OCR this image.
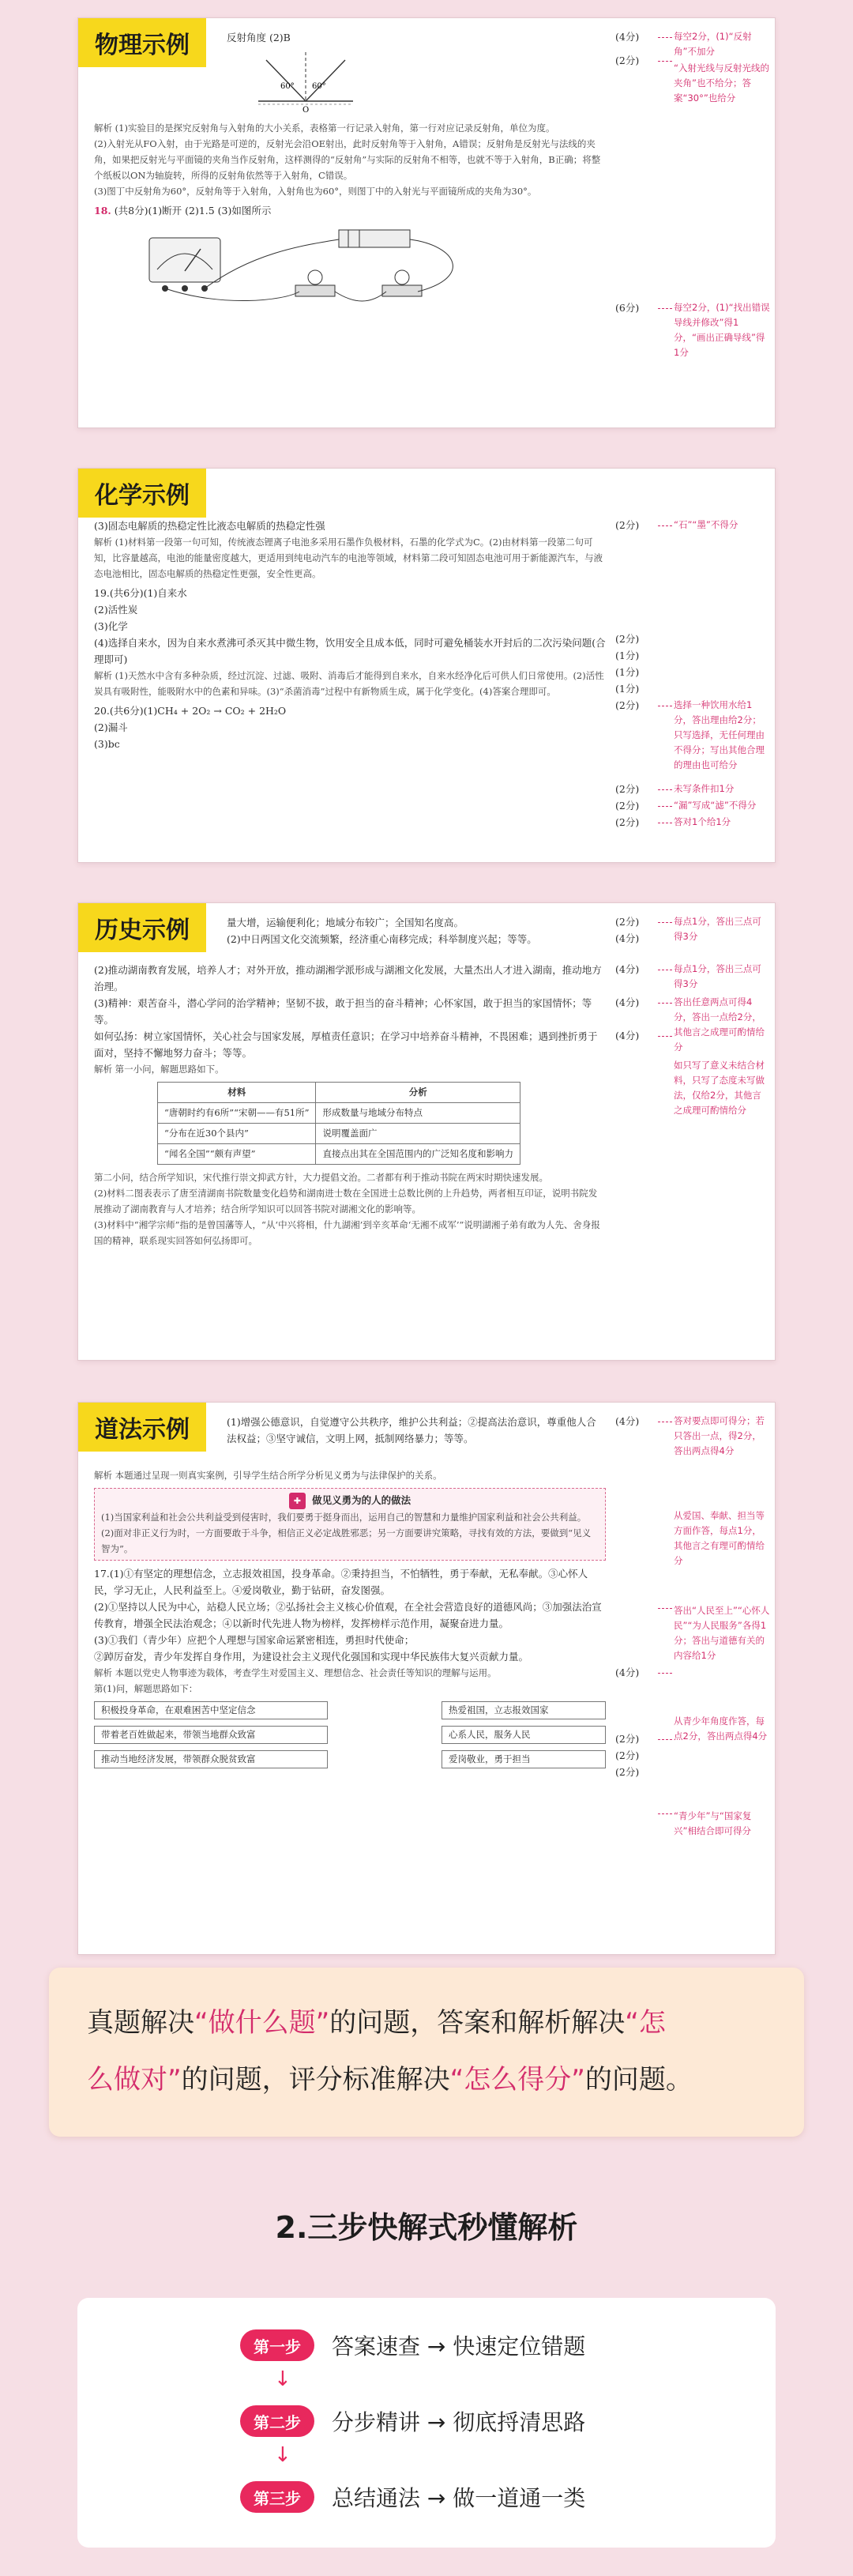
物理示例	反射角度 (2)B

60° 60°
O

解析 (1)实验目的是探究反射角与入射角的大小关系，表格第一行记录入射角，第一行对应记录反射角，单位为度。

(2)入射光从FO入射，由于光路是可逆的，反射光会沿OE射出，此时反射角等于入射角，A错误；反射角是反射光与法线的夹角，如果把反射光与平面镜的夹角当作反射角，这样测得的“反射角”与实际的反射角不相等，也就不等于入射角，B正确；将整个纸板以ON为轴旋转，所得的反射角依然等于入射角，C错误。

(3)图丁中反射角为60°，反射角等于入射角，入射角也为60°，则图丁中的入射光与平面镜所成的夹角为30°。

18. (共8分)(1)断开 (2)1.5 (3)如图所示

(4分)
(2分)
(6分)
每空2分，(1)“反射角”不加分
“入射光线与反射光线的夹角”也不给分；答案“30°”也给分
每空2分，(1)“找出错误导线并修改”得1分，“画出正确导线”得1分
化学示例

(3)固态电解质的热稳定性比液态电解质的热稳定性强

解析 (1)材料第一段第一句可知，传统液态锂离子电池多采用石墨作负极材料，石墨的化学式为C。(2)由材料第一段第二句可知，比容量越高，电池的能量密度越大，更适用到纯电动汽车的电池等领域，材料第二段可知固态电池可用于新能源汽车，与液态电池相比，固态电解质的热稳定性更强，安全性更高。

19.(共6分)(1)自来水

(2)活性炭

(3)化学

(4)选择自来水，因为自来水煮沸可杀灭其中微生物，饮用安全且成本低，同时可避免桶装水开封后的二次污染问题(合理即可)

解析 (1)天然水中含有多种杂质，经过沉淀、过滤、吸附、消毒后才能得到自来水，自来水经净化后可供人们日常使用。(2)活性炭具有吸附性，能吸附水中的色素和异味。(3)“杀菌消毒”过程中有新物质生成，属于化学变化。(4)答案合理即可。

20.(共6分)(1)CH₄ + 2O₂ → CO₂ + 2H₂O

(2)漏斗

(3)bc

(2分)
(2分)
(1分)
(1分)
(1分)
(2分)
(2分)
(2分)
(2分)
“石”“墨”不得分
选择一种饮用水给1分，答出理由给2分；只写选择，无任何理由不得分；写出其他合理的理由也可给分
未写条件扣1分
“漏”写成“滤”不得分
答对1个给1分
历史示例	量大增，运输便利化；地域分布较广；全国知名度高。

(2)中日两国文化交流频繁，经济重心南移完成；科举制度兴起；等等。

(2)推动湖南教育发展，培养人才；对外开放，推动湖湘学派形成与湖湘文化发展，大量杰出人才进入湖南，推动地方治理。

(3)精神：艰苦奋斗，潜心学问的治学精神；坚韧不拔，敢于担当的奋斗精神；心怀家国，敢于担当的家国情怀；等等。

如何弘扬：树立家国情怀，关心社会与国家发展，厚植责任意识；在学习中培养奋斗精神，不畏困难；遇到挫折勇于面对，坚持不懈地努力奋斗；等等。

解析 第一小问，解题思路如下。

材料	分析
“唐朝时约有6所”“宋朝——有51所”	形成数量与地域分布特点
“分布在近30个县内”	说明覆盖面广
“闻名全国”“颇有声望”	直接点出其在全国范围内的广泛知名度和影响力

第二小问，结合所学知识，宋代推行崇文抑武方针，大力提倡文治。二者都有利于推动书院在两宋时期快速发展。

(2)材料二图表表示了唐至清湖南书院数量变化趋势和湖南进士数在全国进士总数比例的上升趋势，两者相互印证，说明书院发展推动了湖南教育与人才培养；结合所学知识可以回答书院对湖湘文化的影响等。

(3)材料中“湘学宗师”指的是曾国藩等人，“从‘中兴将相，什九湖湘’到辛亥革命‘无湘不成军’”说明湖湘子弟有敢为人先、舍身报国的精神，联系现实回答如何弘扬即可。

(2分)
(4分)
(4分)
(4分)
(4分)
每点1分，答出三点可得3分
每点1分，答出三点可得3分
答出任意两点可得4分，答出一点给2分，其他言之成理可酌情给分
如只写了意义未结合材料，只写了态度未写做法，仅给2分，其他言之成理可酌情给分
道法示例	(1)增强公德意识，自觉遵守公共秩序，维护公共利益；②提高法治意识，尊重他人合法权益；③坚守诚信，文明上网，抵制网络暴力；等等。

解析 本题通过呈现一则真实案例，引导学生结合所学分析见义勇为与法律保护的关系。

✚ 做见义勇为的人的做法

(1)当国家利益和社会公共利益受到侵害时，我们要勇于挺身而出，运用自己的智慧和力量维护国家利益和社会公共利益。

(2)面对非正义行为时，一方面要敢于斗争，相信正义必定战胜邪恶；另一方面要讲究策略，寻找有效的方法，要做到“见义智为”。

17.(1)①有坚定的理想信念，立志报效祖国，投身革命。②秉持担当，不怕牺牲，勇于奉献，无私奉献。③心怀人民，学习无止，人民利益至上。④爱岗敬业，勤于钻研，奋发图强。

(2)①坚持以人民为中心，站稳人民立场；②弘扬社会主义核心价值观，在全社会营造良好的道德风尚；③加强法治宣传教育，增强全民法治观念；④以新时代先进人物为榜样，发挥榜样示范作用，凝聚奋进力量。

(3)①我们（青少年）应把个人理想与国家命运紧密相连，勇担时代使命；

②踔厉奋发，青少年发挥自身作用，为建设社会主义现代化强国和实现中华民族伟大复兴贡献力量。

解析 本题以党史人物事迹为载体，考查学生对爱国主义、理想信念、社会责任等知识的理解与运用。

第(1)问，解题思路如下：

积极投身革命，在艰难困苦中坚定信念	热爱祖国，立志报效国家
带着老百姓做起来，带领当地群众致富	心系人民，服务人民
推动当地经济发展，带领群众脱贫致富	爱岗敬业，勇于担当
(4分)
(4分)
(2分)
(2分)
(2分)
答对要点即可得分；若只答出一点，得2分，答出两点得4分
从爱国、奉献、担当等方面作答，每点1分，其他言之有理可酌情给分
答出“人民至上”“心怀人民”“为人民服务”各得1分；答出与道德有关的内容给1分
从青少年角度作答，每点2分，答出两点得4分
“青少年”与“国家复兴”相结合即可得分

真题解决“做什么题”的问题，答案和解析解决“怎

么做对”的问题，评分标准解决“怎么得分”的问题。

2.三步快解式秒懂解析
第一步	答案速查 → 快速定位错题
↓
第二步	分步精讲 → 彻底捋清思路
↓
第三步	总结通法 → 做一道通一类
